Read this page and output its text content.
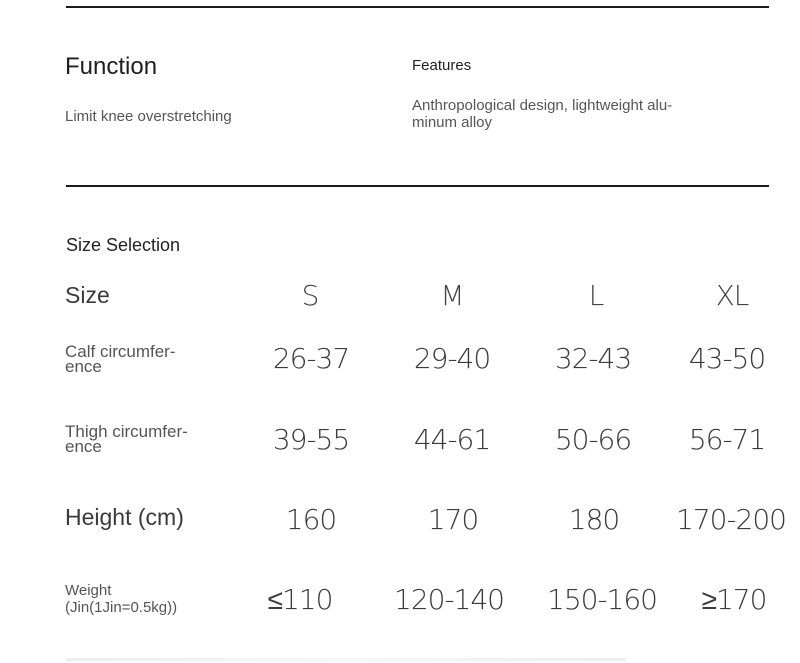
Function
Limit knee overstretching
Features
Anthropological design, lightweight alu-minum alloy
Size Selection
Size	S	M	L	XL
Calf circumfer-
ence	26-37 29-40 32-43 43-50
Thigh circumfer-
ence	39-55 44-61 50-66 56-71
Height (cm)	160	170	180 170-200
Weight
(Jin(1Jin=0.5kg))	≤110 120-140 150-160 ≥170
